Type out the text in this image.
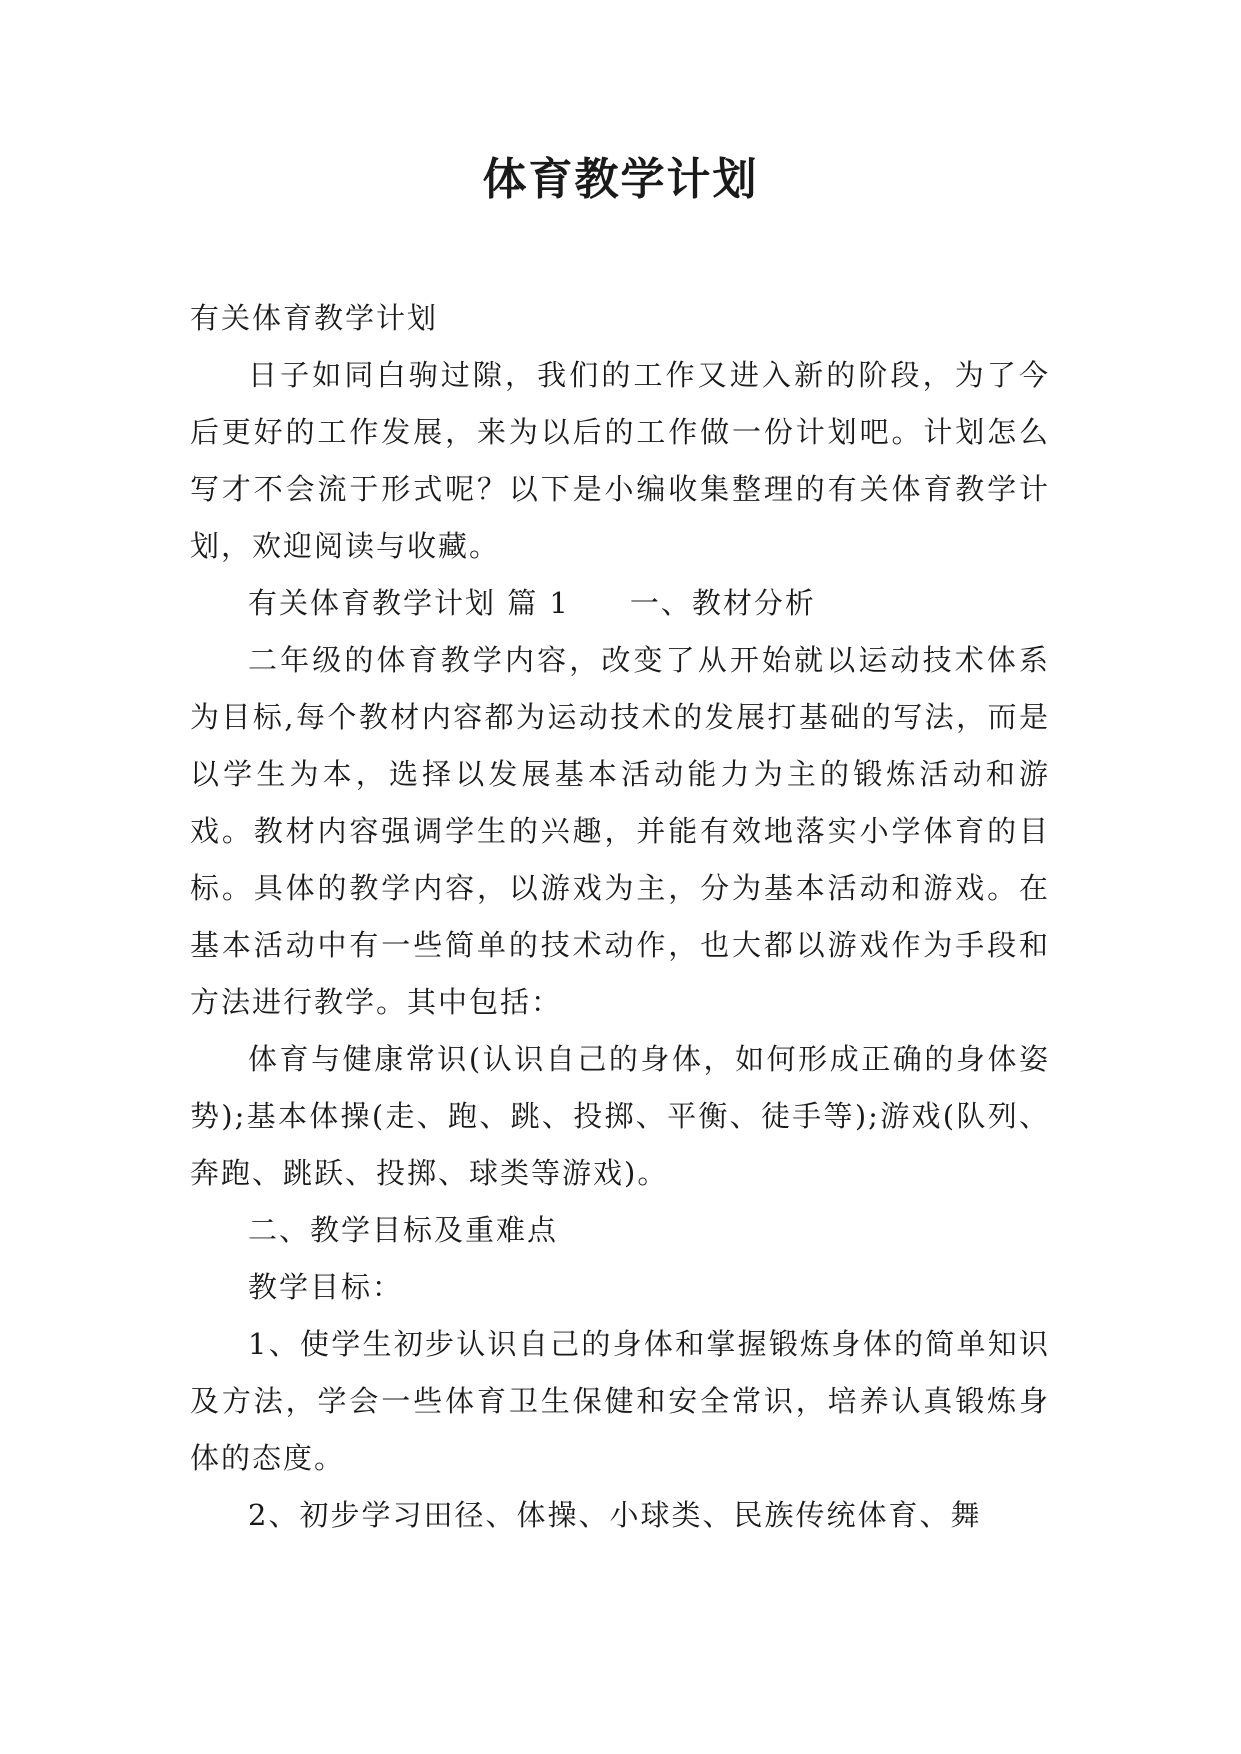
体育教学计划

有关体育教学计划

日子如同白驹过隙，我们的工作又进入新的阶段，为了今后更好的工作发展，来为以后的工作做一份计划吧。计划怎么写才不会流于形式呢？以下是小编收集整理的有关体育教学计划，欢迎阅读与收藏。

有关体育教学计划 篇 1 一、教材分析

二年级的体育教学内容，改变了从开始就以运动技术体系为目标,每个教材内容都为运动技术的发展打基础的写法，而是以学生为本，选择以发展基本活动能力为主的锻炼活动和游戏。教材内容强调学生的兴趣，并能有效地落实小学体育的目标。具体的教学内容，以游戏为主，分为基本活动和游戏。在基本活动中有一些简单的技术动作，也大都以游戏作为手段和方法进行教学。其中包括：

体育与健康常识(认识自己的身体，如何形成正确的身体姿势);基本体操(走、跑、跳、投掷、平衡、徒手等);游戏(队列、奔跑、跳跃、投掷、球类等游戏)。

二、教学目标及重难点

教学目标：

1、使学生初步认识自己的身体和掌握锻炼身体的简单知识及方法，学会一些体育卫生保健和安全常识，培养认真锻炼身体的态度。

2、初步学习田径、体操、小球类、民族传统体育、舞
